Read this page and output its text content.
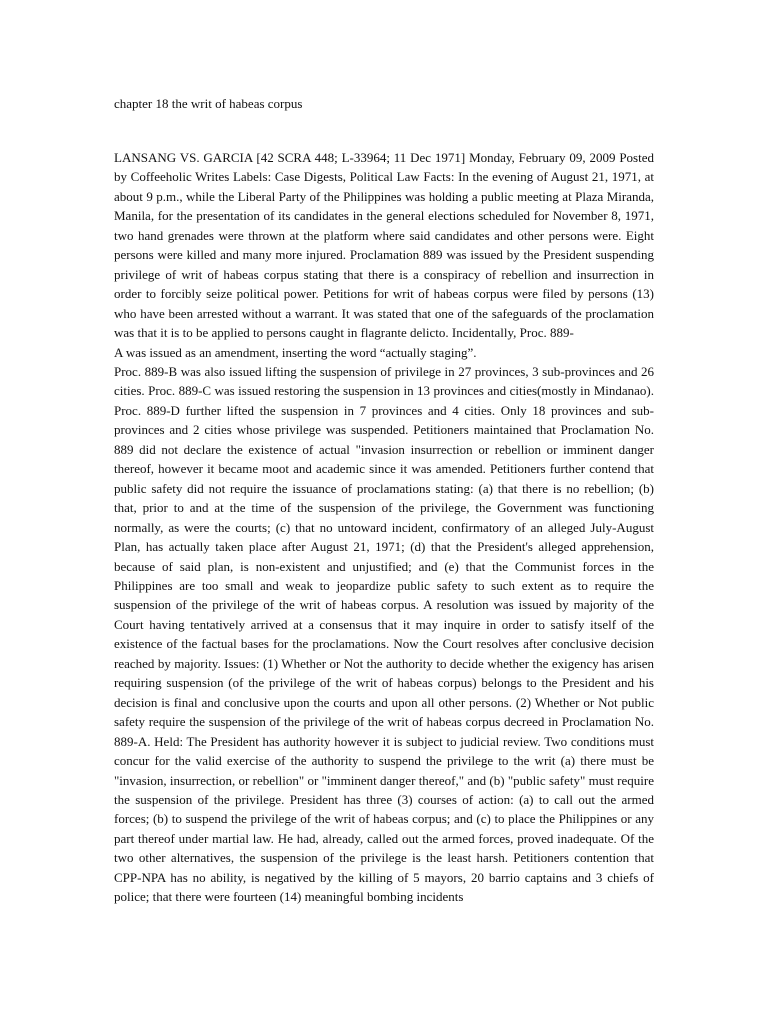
chapter 18 the writ of habeas corpus

LANSANG VS. GARCIA [42 SCRA 448; L-33964; 11 Dec 1971] Monday, February 09, 2009 Posted by Coffeeholic Writes Labels: Case Digests, Political Law Facts: In the evening of August 21, 1971, at about 9 p.m., while the Liberal Party of the Philippines was holding a public meeting at Plaza Miranda, Manila, for the presentation of its candidates in the general elections scheduled for November 8, 1971, two hand grenades were thrown at the platform where said candidates and other persons were. Eight persons were killed and many more injured. Proclamation 889 was issued by the President suspending privilege of writ of habeas corpus stating that there is a conspiracy of rebellion and insurrection in order to forcibly seize political power. Petitions for writ of habeas corpus were filed by persons (13) who have been arrested without a warrant. It was stated that one of the safeguards of the proclamation was that it is to be applied to persons caught in flagrante delicto. Incidentally, Proc. 889-

A was issued as an amendment, inserting the word “actually staging”.

Proc. 889-B was also issued lifting the suspension of privilege in 27 provinces, 3 sub-provinces and 26 cities. Proc. 889-C was issued restoring the suspension in 13 provinces and cities(mostly in Mindanao). Proc. 889-D further lifted the suspension in 7 provinces and 4 cities. Only 18 provinces and sub-provinces and 2 cities whose privilege was suspended. Petitioners maintained that Proclamation No. 889 did not declare the existence of actual "invasion insurrection or rebellion or imminent danger thereof, however it became moot and academic since it was amended. Petitioners further contend that public safety did not require the issuance of proclamations stating: (a) that there is no rebellion; (b) that, prior to and at the time of the suspension of the privilege, the Government was functioning normally, as were the courts; (c) that no untoward incident, confirmatory of an alleged July-August Plan, has actually taken place after August 21, 1971; (d) that the President's alleged apprehension, because of said plan, is non-existent and unjustified; and (e) that the Communist forces in the Philippines are too small and weak to jeopardize public safety to such extent as to require the suspension of the privilege of the writ of habeas corpus. A resolution was issued by majority of the Court having tentatively arrived at a consensus that it may inquire in order to satisfy itself of the existence of the factual bases for the proclamations. Now the Court resolves after conclusive decision reached by majority. Issues: (1) Whether or Not the authority to decide whether the exigency has arisen requiring suspension (of the privilege of the writ of habeas corpus) belongs to the President and his decision is final and conclusive upon the courts and upon all other persons. (2) Whether or Not public safety require the suspension of the privilege of the writ of habeas corpus decreed in Proclamation No. 889-A. Held: The President has authority however it is subject to judicial review. Two conditions must concur for the valid exercise of the authority to suspend the privilege to the writ (a) there must be "invasion, insurrection, or rebellion" or "imminent danger thereof," and (b) "public safety" must require the suspension of the privilege. President has three (3) courses of action: (a) to call out the armed forces; (b) to suspend the privilege of the writ of habeas corpus; and (c) to place the Philippines or any part thereof under martial law. He had, already, called out the armed forces, proved inadequate. Of the two other alternatives, the suspension of the privilege is the least harsh. Petitioners contention that CPP-NPA has no ability, is negatived by the killing of 5 mayors, 20 barrio captains and 3 chiefs of police; that there were fourteen (14) meaningful bombing incidents
